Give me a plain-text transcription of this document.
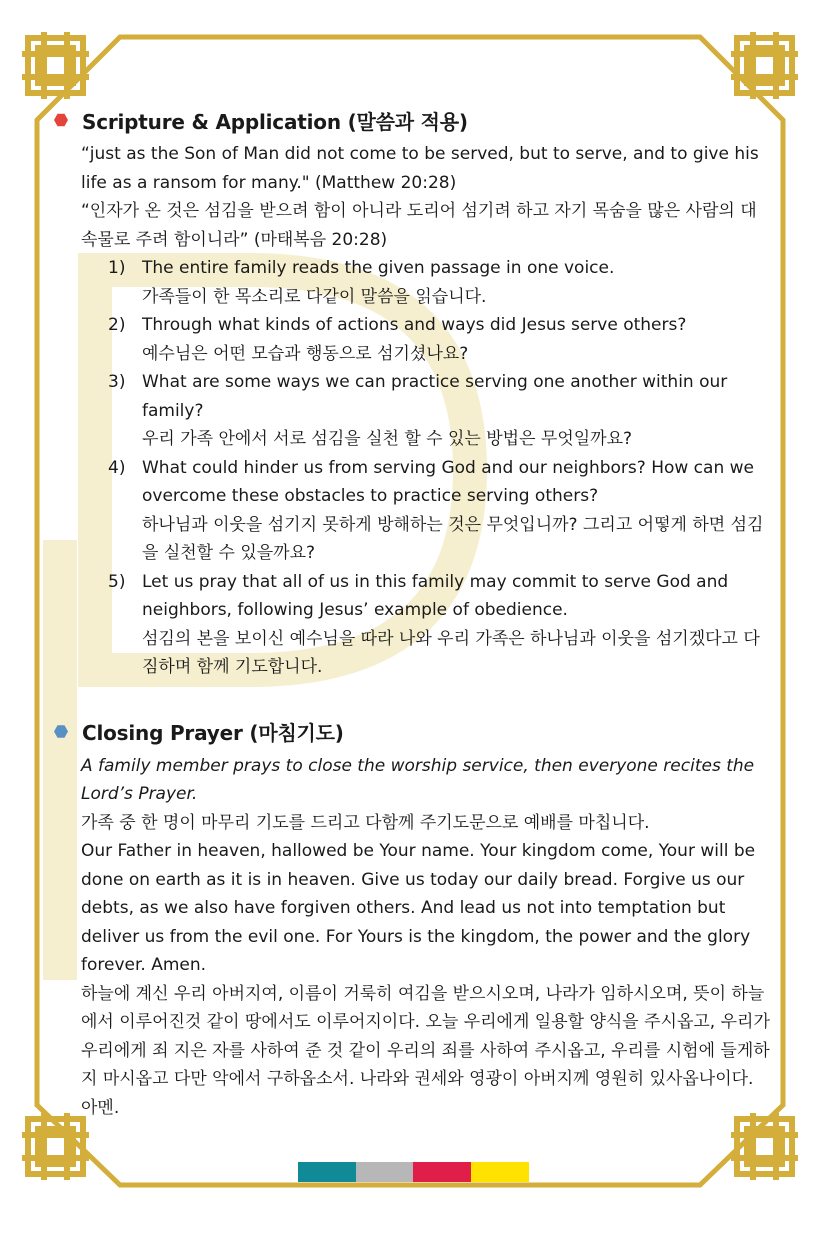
Scripture & Application (말씀과 적용)

“just as the Son of Man did not come to be served, but to serve, and to give his life as a ransom for many." (Matthew 20:28)

“인자가 온 것은 섬김을 받으려 함이 아니라 도리어 섬기려 하고 자기 목숨을 많은 사람의 대속물로 주려 함이니라” (마태복음 20:28)

1) The entire family reads the given passage in one voice.
가족들이 한 목소리로 다같이 말씀을 읽습니다.
2) Through what kinds of actions and ways did Jesus serve others?
예수님은 어떤 모습과 행동으로 섬기셨나요?
3) What are some ways we can practice serving one another within our family?
우리 가족 안에서 서로 섬김을 실천 할 수 있는 방법은 무엇일까요?
4) What could hinder us from serving God and our neighbors? How can we overcome these obstacles to practice serving others?
하나님과 이웃을 섬기지 못하게 방해하는 것은 무엇입니까? 그리고 어떻게 하면 섬김을 실천할 수 있을까요?
5) Let us pray that all of us in this family may commit to serve God and neighbors, following Jesus’ example of obedience.
섬김의 본을 보이신 예수님을 따라 나와 우리 가족은 하나님과 이웃을 섬기겠다고 다짐하며 함께 기도합니다.
Closing Prayer (마침기도)

A family member prays to close the worship service, then everyone recites the Lord’s Prayer.

가족 중 한 명이 마무리 기도를 드리고 다함께 주기도문으로 예배를 마칩니다.

Our Father in heaven, hallowed be Your name. Your kingdom come, Your will be done on earth as it is in heaven. Give us today our daily bread. Forgive us our debts, as we also have forgiven others. And lead us not into temptation but deliver us from the evil one. For Yours is the kingdom, the power and the glory forever. Amen.

하늘에 계신 우리 아버지여, 이름이 거룩히 여김을 받으시오며, 나라가 임하시오며, 뜻이 하늘에서 이루어진것 같이 땅에서도 이루어지이다. 오늘 우리에게 일용할 양식을 주시옵고, 우리가 우리에게 죄 지은 자를 사하여 준 것 같이 우리의 죄를 사하여 주시옵고, 우리를 시험에 들게하지 마시옵고 다만 악에서 구하옵소서. 나라와 권세와 영광이 아버지께 영원히 있사옵나이다. 아멘.
